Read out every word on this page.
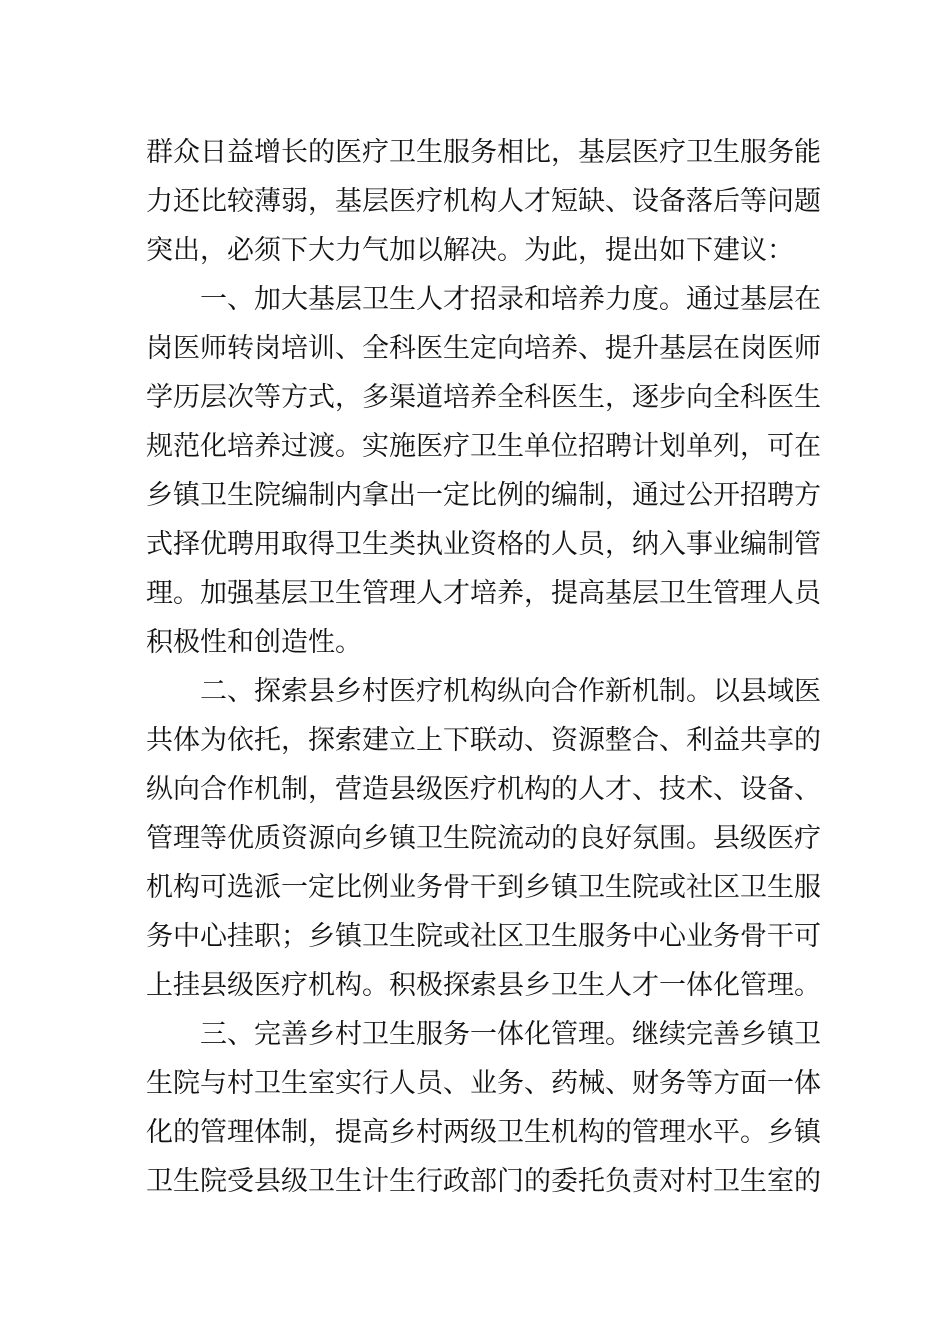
群众日益增长的医疗卫生服务相比，基层医疗卫生服务能
力还比较薄弱，基层医疗机构人才短缺、设备落后等问题
突出，必须下大力气加以解决。为此，提出如下建议：
一、加大基层卫生人才招录和培养力度。通过基层在
岗医师转岗培训、全科医生定向培养、提升基层在岗医师
学历层次等方式，多渠道培养全科医生，逐步向全科医生
规范化培养过渡。实施医疗卫生单位招聘计划单列，可在
乡镇卫生院编制内拿出一定比例的编制，通过公开招聘方
式择优聘用取得卫生类执业资格的人员，纳入事业编制管
理。加强基层卫生管理人才培养，提高基层卫生管理人员
积极性和创造性。
二、探索县乡村医疗机构纵向合作新机制。以县域医
共体为依托，探索建立上下联动、资源整合、利益共享的
纵向合作机制，营造县级医疗机构的人才、技术、设备、
管理等优质资源向乡镇卫生院流动的良好氛围。县级医疗
机构可选派一定比例业务骨干到乡镇卫生院或社区卫生服
务中心挂职；乡镇卫生院或社区卫生服务中心业务骨干可
上挂县级医疗机构。积极探索县乡卫生人才一体化管理。
三、完善乡村卫生服务一体化管理。继续完善乡镇卫
生院与村卫生室实行人员、业务、药械、财务等方面一体
化的管理体制，提高乡村两级卫生机构的管理水平。乡镇
卫生院受县级卫生计生行政部门的委托负责对村卫生室的
